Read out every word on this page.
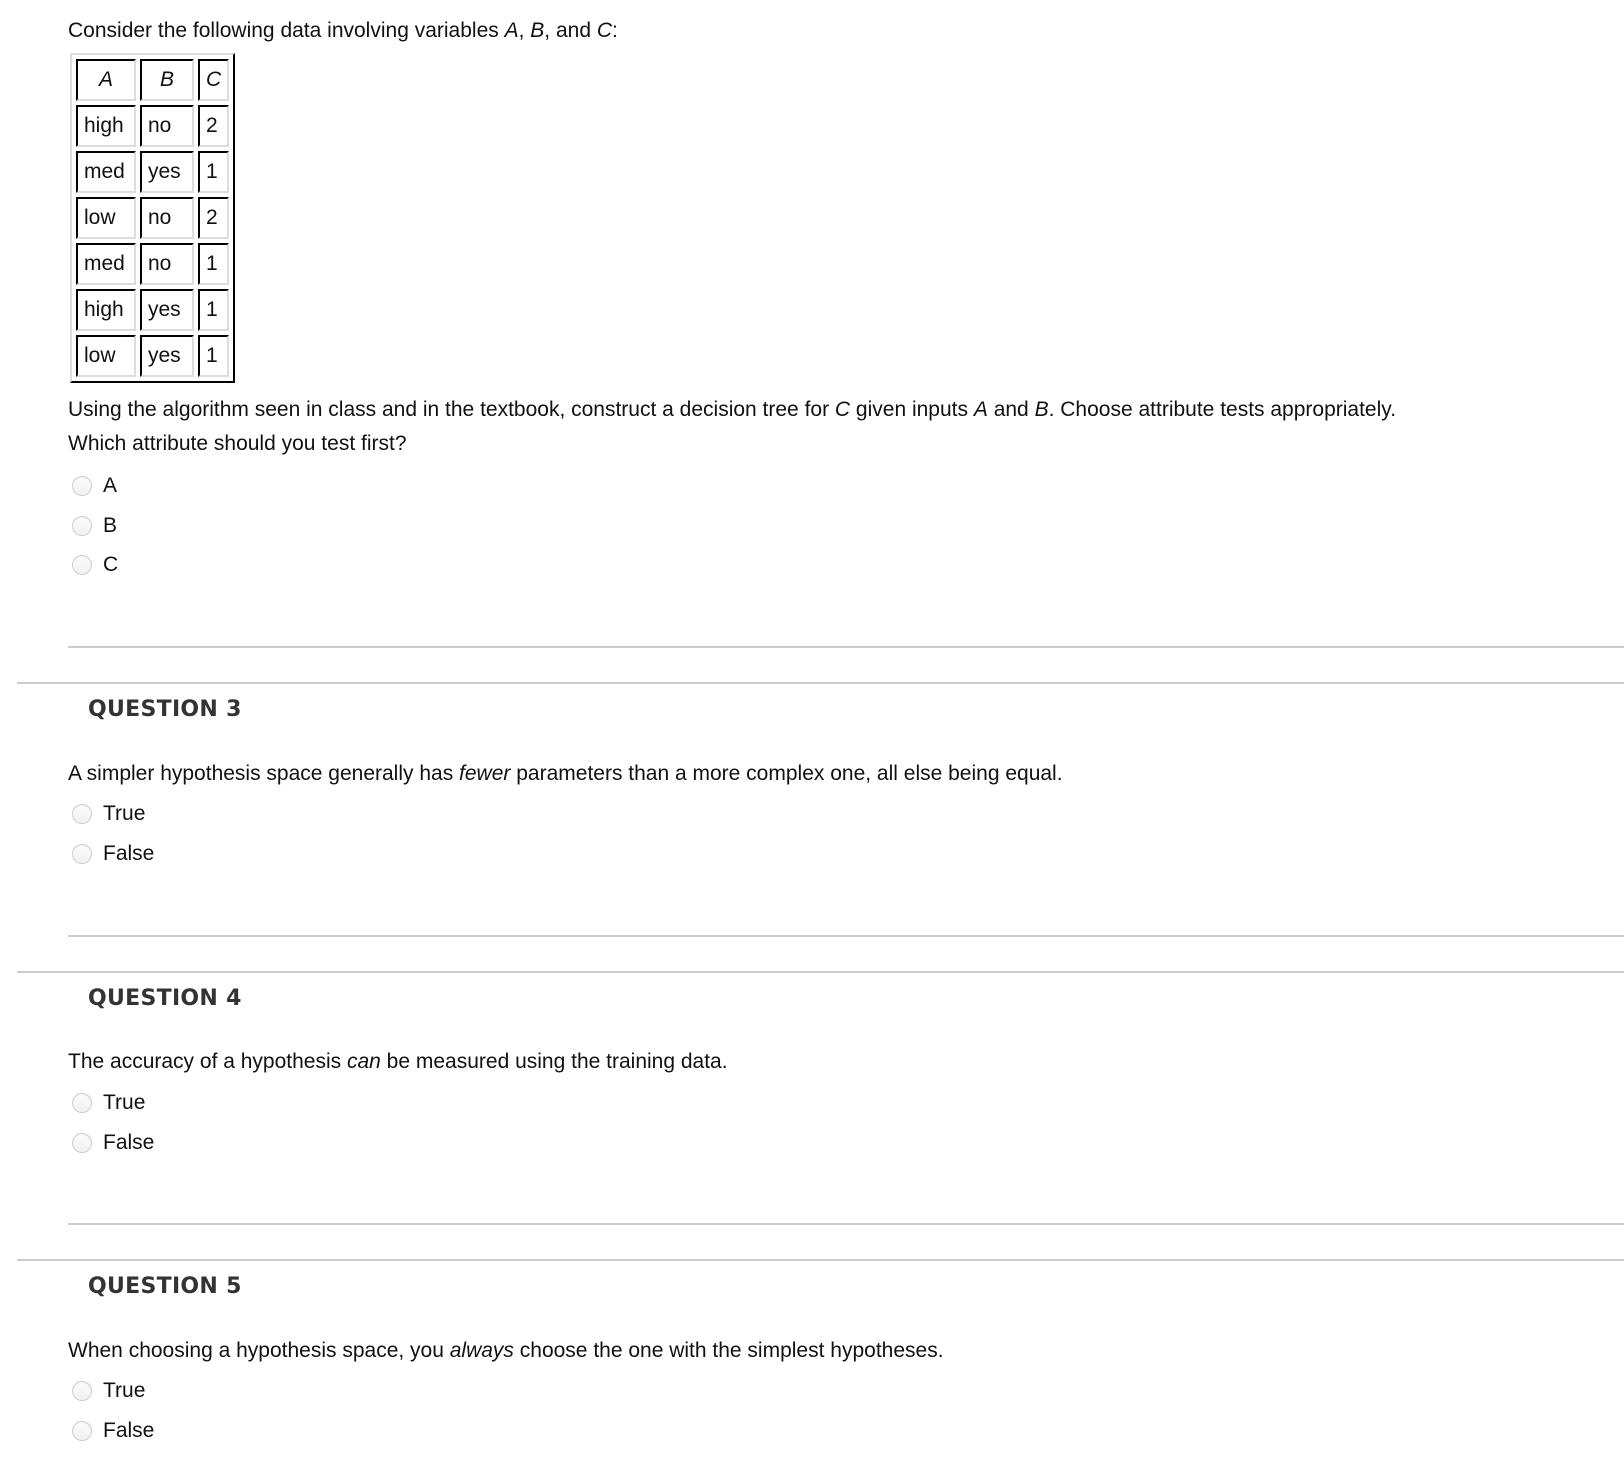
Consider the following data involving variables A, B, and C:
A	B	C
high	no	2
med	yes	1
low	no	2
med	no	1
high	yes	1
low	yes	1
Using the algorithm seen in class and in the textbook, construct a decision tree for C given inputs A and B. Choose attribute tests appropriately.
Which attribute should you test first?
A
B
C
QUESTION 3
A simpler hypothesis space generally has fewer parameters than a more complex one, all else being equal.
True
False
QUESTION 4
The accuracy of a hypothesis can be measured using the training data.
True
False
QUESTION 5
When choosing a hypothesis space, you always choose the one with the simplest hypotheses.
True
False
